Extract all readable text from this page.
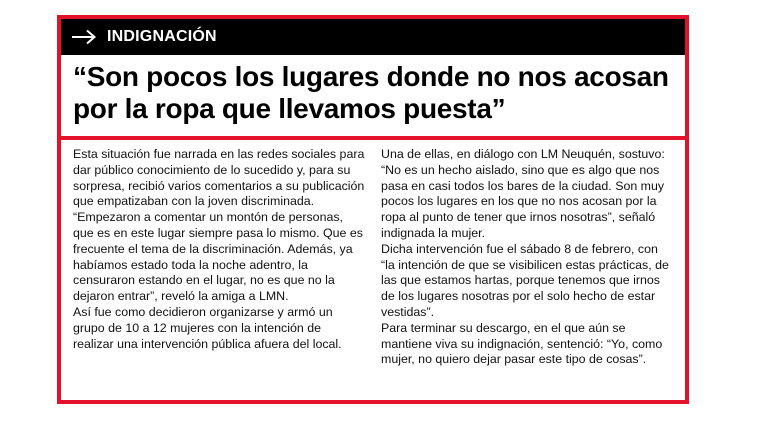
INDIGNACIÓN
“Son pocos los lugares donde no nos acosan por la ropa que llevamos puesta”

Esta situación fue narrada en las redes sociales para dar público conocimiento de lo sucedido y, para su sorpresa, recibió varios comentarios a su publicación que empatizaban con la joven discriminada.

“Empezaron a comentar un montón de personas, que es en este lugar siempre pasa lo mismo. Que es frecuente el tema de la discriminación. Además, ya habíamos estado toda la noche adentro, la censuraron estando en el lugar, no es que no la dejaron entrar”, reveló la amiga a LMN.

Así fue como decidieron organizarse y armó un grupo de 10 a 12 mujeres con la intención de realizar una intervención pública afuera del local.

Una de ellas, en diálogo con LM Neuquén, sostuvo: “No es un hecho aislado, sino que es algo que nos pasa en casi todos los bares de la ciudad. Son muy pocos los lugares en los que no nos acosan por la ropa al punto de tener que irnos nosotras”, señaló indignada la mujer.

Dicha intervención fue el sábado 8 de febrero, con “la intención de que se visibilicen estas prácticas, de las que estamos hartas, porque tenemos que irnos de los lugares nosotras por el solo hecho de estar vestidas”.

Para terminar su descargo, en el que aún se mantiene viva su indignación, sentenció: “Yo, como mujer, no quiero dejar pasar este tipo de cosas”.
